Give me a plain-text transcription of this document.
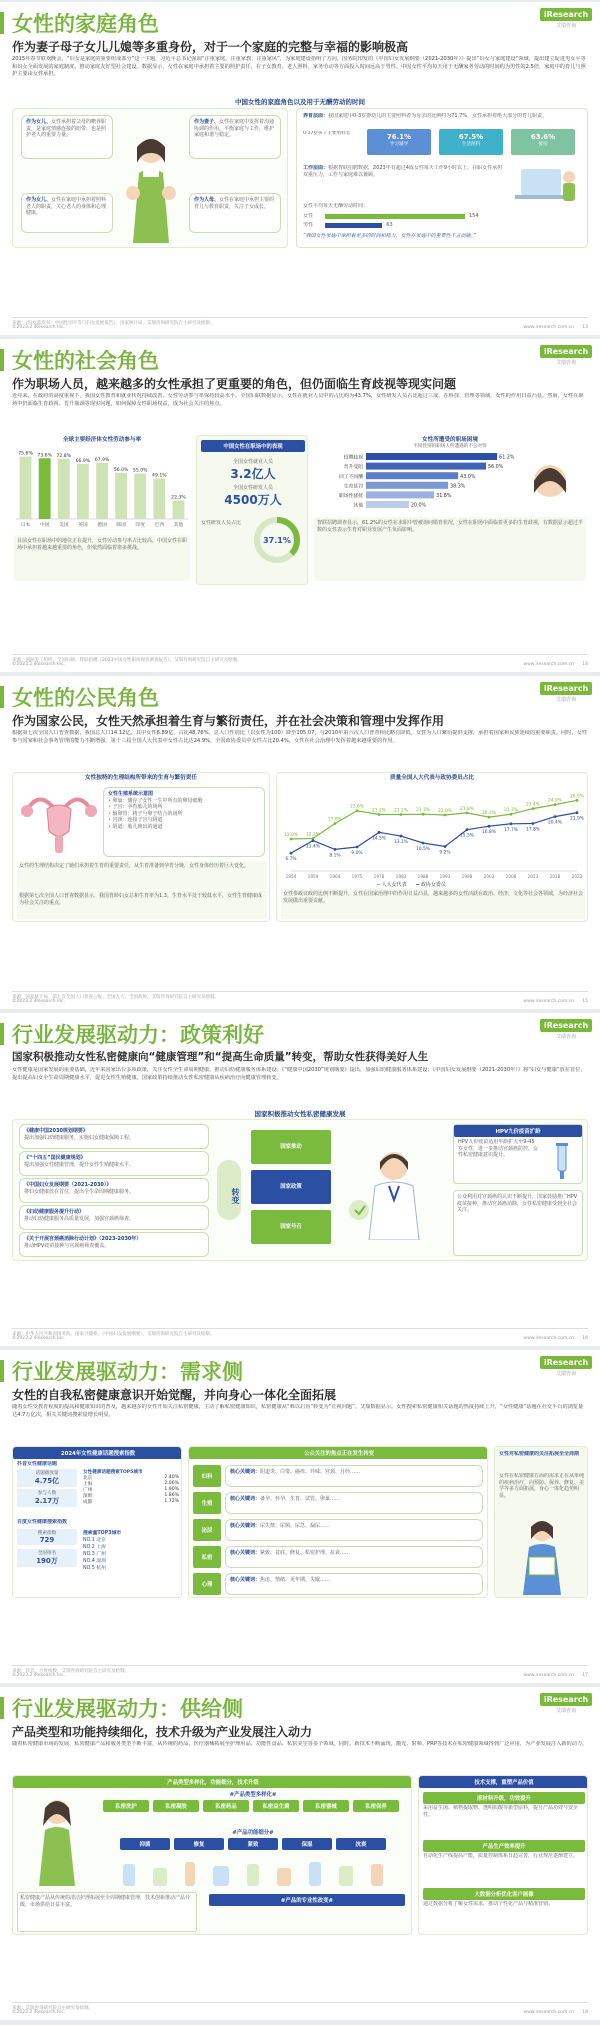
女性的家庭角色
作为妻子母子女儿儿媳等多重身份，对于一个家庭的完整与幸福的影响极高
iResearch
艾瑞咨询
2015年春节联欢晚会，“妇女是家庭的重要组成部分”这一主题，习近平总书记强调“注重家庭、注重家教、注重家风”，为家庭建设指明了方向。国务院印发的《中国妇女发展纲要（2021-2030年）》提出“妇女与家庭建设”领域，提出建立促进男女平等和妇女全面发展的家庭制度，推动家庭友好型社会建设。数据显示，女性在家庭中承担着主要的照护责任，在子女教育、老人照料、家务劳动等方面投入时间远高于男性。中国女性平均每天用于无酬家务劳动的时间约为男性的2.5倍，家庭中的育儿与照护主要由女性承担。
中国女性的家庭角色以及用于无酬劳动的时间
作为女儿、女性承担着父母的赡养职责，是家庭情感连接的纽带，也是照护老人的重要力量。
作为妻子、女性在家庭中发挥着沟通协调的作用，平衡家庭与工作，维护家庭和谐与稳定。
作为女儿、女性在家庭中承担着照料老人的职责，关心老人的身体和心理健康。
作为人母、女性在家庭中承担主要的育儿与教育职责，关注子女成长。
养育层面：我国家庭中0-3岁婴幼儿的主要照料者为母亲的比例约为71.7%，女性承担着绝大部分的育儿职责。
0-17岁孩子主要照料者	76.1%
学习辅导
67.5%
生活照料
63.6%
接送
工作层面：根据智联招聘数据，2023年有超过4成女性每天工作9小时以上，在职女性承担双重压力，工作与家庭难以兼顾。
女性平均每天无酬劳动时间：
女性	154
男性	63
“我国女性家庭中承担着更多的时间和精力，女性在家庭中的重要性不言而喻。”
来源：《妇女蓝皮书：中国性别平等与妇女发展报告》、国家统计局、艾瑞咨询研究院自主研究及绘制。
©2023.2 iResearch Inc.	www.iresearch.com.cn 13
女性的社会角色
作为职场人员，越来越多的女性承担了更重要的角色，但仍面临生育歧视等现实问题
iResearch
艾瑞咨询
近年来，在政府的高度重视下，我国女性教育和就业状况持续改善，女性劳动参与率保持较高水平。全国妇联数据显示，女性在就业人员中的占比约为43.7%，女性研发人员占比超过三成，在科技、管理等领域，女性的作用日益凸显。然而，女性在职场中仍面临生育歧视、晋升瓶颈等现实问题，如何保障女性职场权益，成为社会关注的焦点。
全球主要经济体女性劳动参与率
75.6%
日本
73.6%
中国
72.8%
美国
66.9%
英国
67.9%
德国
56.0%
韩国
55.0%
印度
49.1%
巴西
22.3%
其他
目前女性在职场中的地位正在提升，女性劳动参与率占比较高，中国女性在职场中承担着越来越重要的角色，但依然面临着诸多挑战。
中国女性在职场中的表现
全国女性就业人员
3.2亿人
全国女性研发人员
4500万人
女性研发人员占比
37.1%
女性所遭受的职场困境
不同性别的职场人所遭遇的不公对待
招聘歧视	61.2%
晋升受阻	56.0%
同工不同酬	43.0%
生育惩罚	38.3%
职场性骚扰	31.8%
其他	20.0%
智联招聘调查显示，61.2%的女性在求职中曾被询问婚育状况，女性在职场中面临着更多的生育歧视，有数据显示超过半数的女性表示生育对职业发展产生负面影响。
来源：国际劳工组织、全国妇联、智联招聘《2023中国女性职场现状调查报告》，艾瑞咨询研究院自主研究及绘制。
©2023.2 iResearch Inc.	www.iresearch.com.cn 14
女性的公民角色
作为国家公民，女性天然承担着生育与繁衍责任，并在社会决策和管理中发挥作用
iResearch
艾瑞咨询
根据第七次全国人口普查数据，我国总人口14.12亿，其中女性6.89亿，占比48.76%。总人口性别比（以女性为100）降至105.07，与2010年第六次人口普查相比略有降低。女性为人口繁衍提供支撑，承担着国家和民族延续的重要职责。同时，女性参与国家和社会事务管理的能力不断增强，第十三届全国人大代表中女性占比达24.9%，全国政协委员中女性占比20.4%，女性在社会治理中发挥着越来越重要的作用。
女性独特的生理结构所带来的生育与繁衍责任
女性生殖系统示意图
• 卵巢：储存了女性一生中所有的卵母细胞
• 子宫：孕育胎儿的场所
• 输卵管：精子与卵子结合的场所
• 宫颈：连接子宫与阴道
• 阴道：胎儿娩出的通道
女性的生理结构决定了她们承担着生育的重要责任，从生育准备到孕育分娩，女性身体经历着巨大变化。
根据第七次全国人口普查数据显示，我国育龄妇女总和生育率为1.3，生育水平处于较低水平，女性生育健康成为社会关注的重点。
质量全国人大代表与政协委员占比
12.0% 12.2%
17.8%
22.6%
21.2% 21.2% 21.3% 21.0% 21.8%
20.2%
21.3%
23.4%
24.9%
26.5%
6.7%
11.4%
8.1% 9.0%
14.5%
13.1%
10.5%
9.2%
15.5%
16.8% 17.7% 17.8%
20.4%
21.9%
1954	1959	1964	1975	1978	1983	1988	1993	1998	2003	2008	2013	2018	2023
━ 人大女代表 ━ 政协女委员
女性参政议政的比例不断提升，女性在国家治理中的作用日益凸显，越来越多的女性活跃在政治、经济、文化等社会各领域，为经济社会发展做出重要贡献。
来源：国家统计局、第七次全国人口普查公报、全国人大、全国政协，艾瑞咨询研究院自主研究及绘制。
©2023.2 iResearch Inc.	www.iresearch.com.cn 15
行业发展驱动力：政策利好
国家积极推动女性私密健康向“健康管理”和“提高生命质量”转变，帮助女性获得美好人生
iResearch
艾瑞咨询
女性健康是国家发展的重要基础，近年来国家出台多项政策，关注女性全生命周期健康，推动妇幼健康服务体系建设。《“健康中国2030”规划纲要》提出，加强妇幼健康服务体系建设；《中国妇女发展纲要（2021-2030年）》将“妇女与健康”放在首位，提出提高妇女全生命周期健康水平，促进女性生殖健康。国家政策持续推动女性私密健康从疾病治疗向健康管理转变。
国家积极推动女性私密健康发展
《健康中国2030规划纲要》
提出加强妇幼健康服务，实施妇女健康保障工程。
《“十四五”国民健康规划》
提出加强女性健康管理，提升女性生殖健康水平。
《中国妇女发展纲要（2021-2030）》
将妇女健康放在首位，提出全生命周期健康服务。
《妇幼健康服务提升行动》
推动妇幼健康服务高质量发展，加强宫颈癌筛查。
《关于开展宫颈癌消除行动计划》（2023-2030年）
推动HPV疫苗接种与宫颈癌筛查覆盖。
转变
国家推动
国家政策
国家号召
HPV九价疫苗扩龄
HPV九价疫苗适用年龄扩大至9-45岁女性，进一步推动宫颈癌防控，女性私密健康意识提升。
公众利用对宫颈癌的认识不断提升，国家鼓励推广HPV疫苗接种，推动宫颈癌消除，女性私密健康受到全社会关注。
来源：中华人民共和国国务院、国家卫健委、《中国妇女发展纲要》，艾瑞咨询研究院自主研究及绘制。
©2023.2 iResearch Inc.	www.iresearch.com.cn 16
行业发展驱动力：需求侧
女性的自我私密健康意识开始觉醒，并向身心一体化全面拓展
iResearch
艾瑞咨询
随着女性受教育程度的提高和健康知识的普及，越来越多的女性开始关注私密健康，主动了解私密健康知识，私密健康从“难以启齿”转变为“正视问题”。艾瑞数据显示，女性搜索私密健康相关话题的热度持续上升，“女性健康”话题在社交平台的浏览量达4.7万亿次，相关关键词搜索量增长明显。
2024年女性健康话题搜索指数
抖音女性健康话题
话题播放量
4.75亿
参与人数
2.17万
女性健康话题搜索TOP5城市
北京	2.40%
上海	2.06%
广州	1.90%
深圳	1.86%
成都	1.72%
百度女性健康搜索指数
搜索指数
729
全国排名
190万
搜索量TOP3城市
NO.1 北京
NO.2 上海
NO.3 广州
NO.4 深圳
NO.5 杭州
公众关注的焦点正在发生转变
妇科
核心关键词：阴道炎、白带、瘙痒、异味、宫颈、月经……
生殖
核心关键词：备孕、怀孕、生育、试管、卵巢……
泌尿
核心关键词：尿失禁、尿频、尿急、漏尿……
私密
核心关键词：紧致、盆底、修复、私密护理、抗衰……
心理
核心关键词：焦虑、情绪、更年期、失眠……
女性对私密健康的关注拓展至全周期
女性在私密健康方面的需求正在从单纯的疾病治疗，向预防、保养、修复、美学等多方面拓展，身心一体化趋势明显。
来源：抖音、百度指数，艾瑞咨询研究院自主研究及绘制。
©2023.2 iResearch Inc.	www.iresearch.com.cn 17
行业发展驱动力：供给侧
产品类型和功能持续细化，技术升级为产业发展注入动力
iResearch
艾瑞咨询
随着私密健康市场的发展，私密健康产品和服务类型不断丰富，从传统的药品、医疗器械拓展至护理用品、功能性食品、私密美学等多个领域。同时，新技术不断涌现，激光、射频、PRP等技术在私密健康领域得到广泛应用，为产业发展注入新的动力。
产品类型多样化，功能细分，技术升级
#产品类型多样化#
私密洗护	私密凝胶	私密药品	私密益生菌	私密器械	私密保养
#产品功能细分#
抑菌	修复	紧致	保湿	抗衰
私密健康产品从传统的清洁护理拓展至全周期健康管理，技术创新推动产品升级，市场供给日益丰富。
#产品的专业性改变#
技术支撑，重塑产品价值
原材料升级，功效提升
采用益生菌、植物提取物、透明质酸等新型原料，提升产品功效与安全性。
产品生产效率提升
自动化生产线提高产能，质量控制体系日趋完善，行业规范逐渐建立。
大数据分析优化客户画像
通过数据分析了解女性需求，推动个性化产品与精准营销。
来源：艾瑞咨询研究院自主研究及绘制。
©2023.2 iResearch Inc.	www.iresearch.com.cn 18
